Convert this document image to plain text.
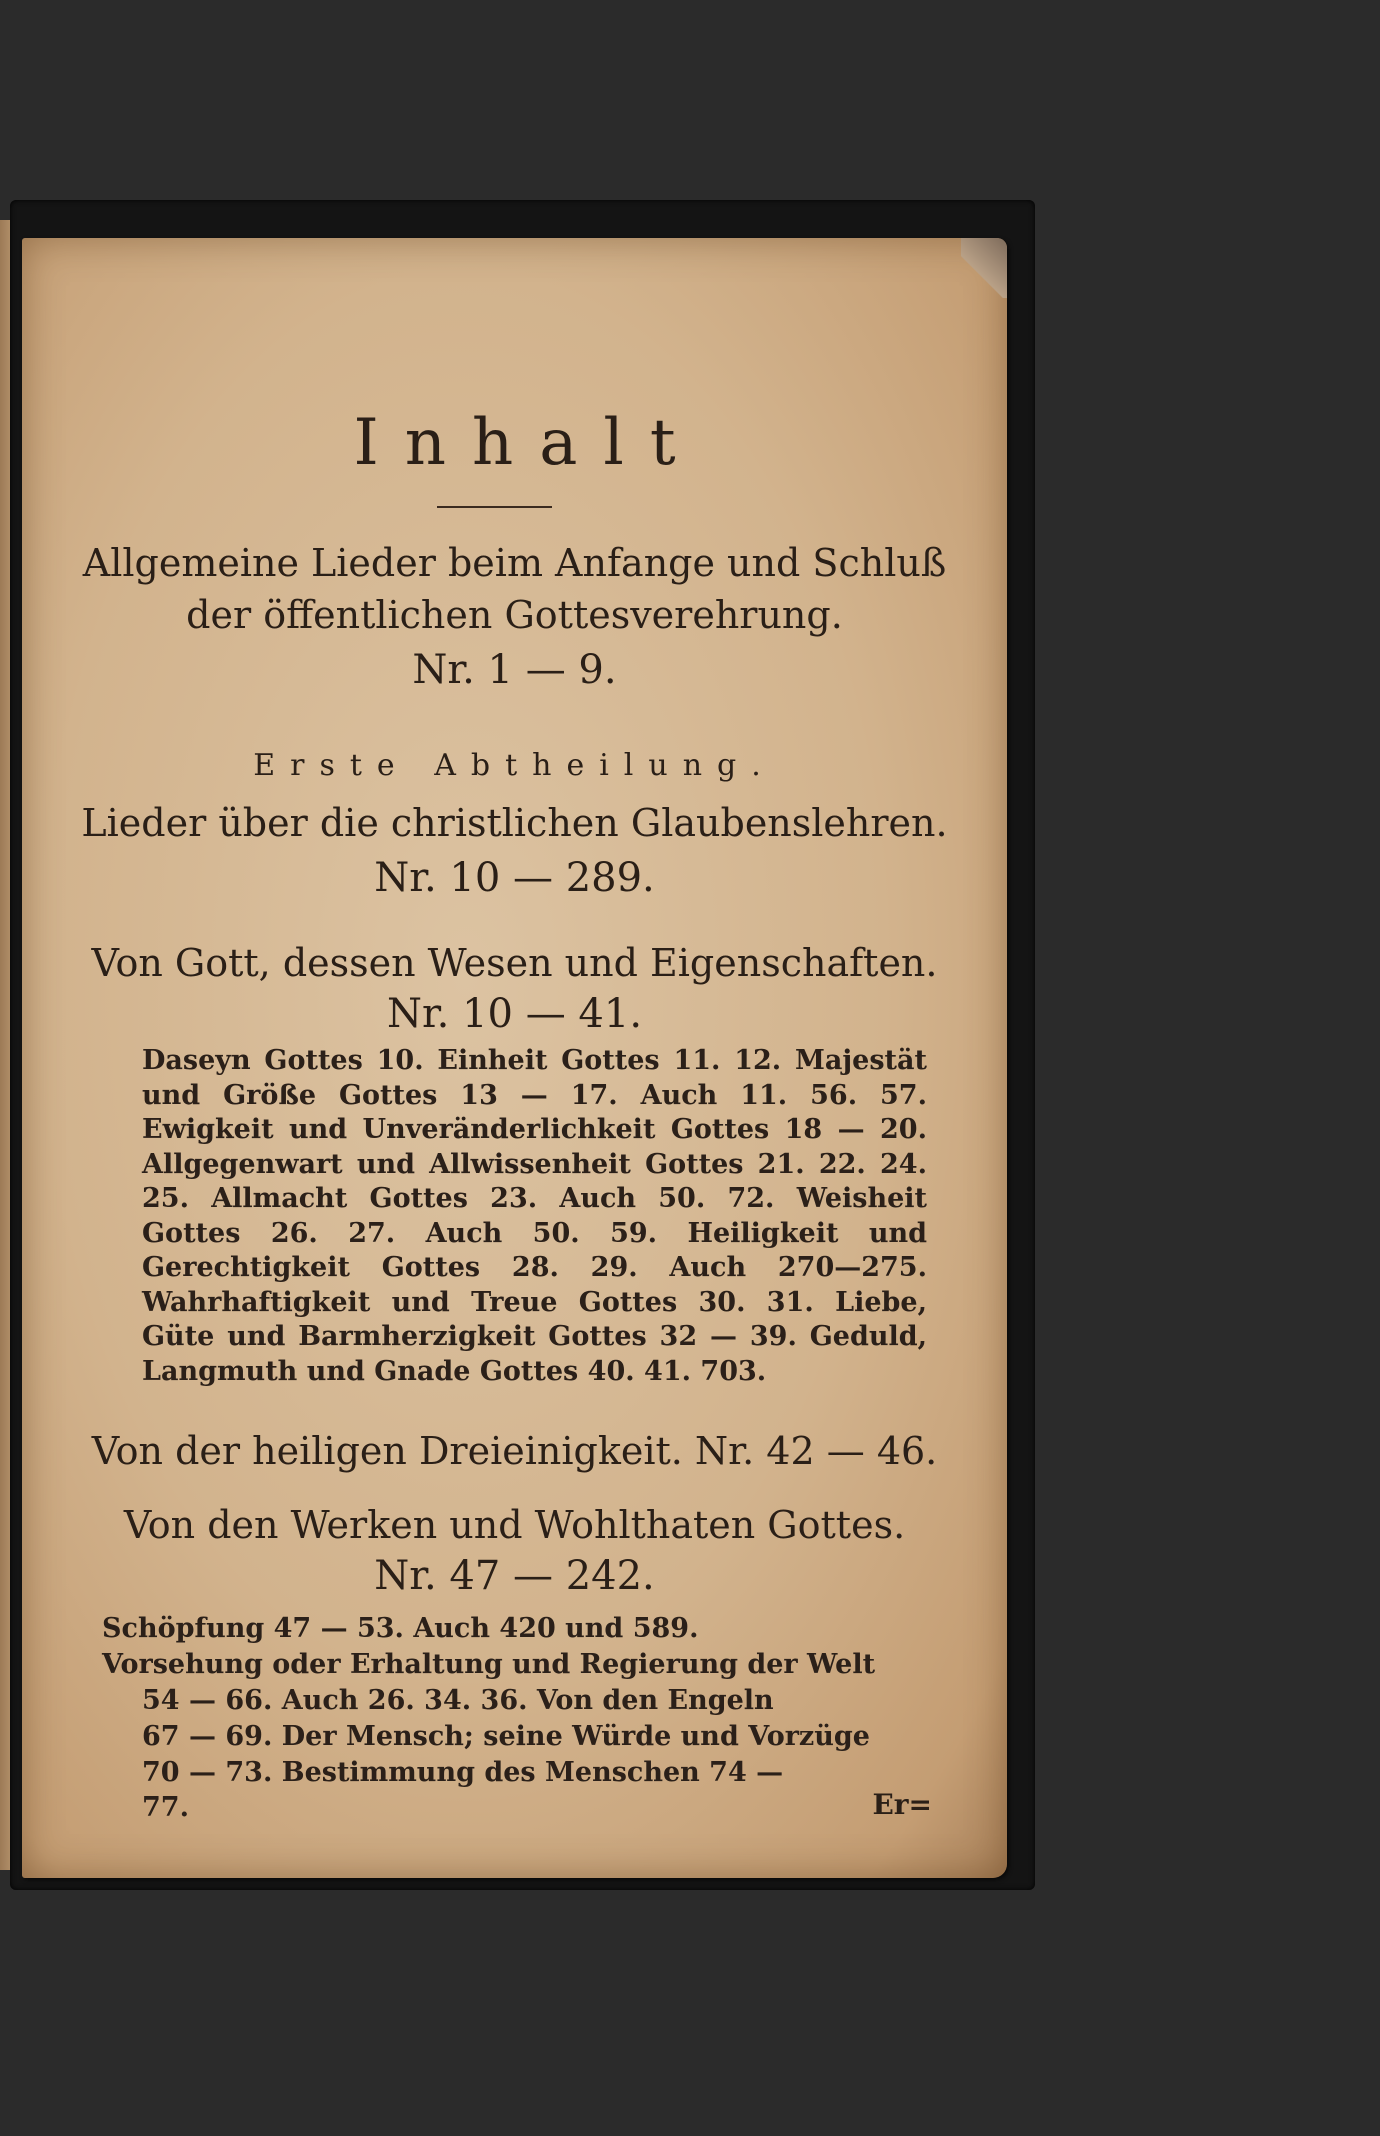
Inhalt
Allgemeine Lieder beim Anfange und Schluß
der öffentlichen Gottesverehrung.
Nr. 1 — 9.
Erste Abtheilung.
Lieder über die christlichen Glaubenslehren.
Nr. 10 — 289.
Von Gott, dessen Wesen und Eigenschaften.
Nr. 10 — 41.
Daseyn Gottes 10. Einheit Gottes 11. 12. Majestät und Größe Gottes 13 — 17. Auch 11. 56. 57. Ewigkeit und Unveränderlichkeit Gottes 18 — 20. Allgegenwart und Allwissenheit Gottes 21. 22. 24. 25. Allmacht Gottes 23. Auch 50. 72. Weisheit Gottes 26. 27. Auch 50. 59. Heiligkeit und Gerechtigkeit Gottes 28. 29. Auch 270—275. Wahrhaftigkeit und Treue Gottes 30. 31. Liebe, Güte und Barmherzigkeit Gottes 32 — 39. Geduld, Langmuth und Gnade Gottes 40. 41. 703.
Von der heiligen Dreieinigkeit. Nr. 42 — 46.
Von den Werken und Wohlthaten Gottes.
Nr. 47 — 242.
Schöpfung 47 — 53. Auch 420 und 589.
Vorsehung oder Erhaltung und Regierung der Welt
54 — 66. Auch 26. 34. 36. Von den Engeln
67 — 69. Der Mensch; seine Würde und Vorzüge
70 — 73. Bestimmung des Menschen 74 — 77.	Er=
